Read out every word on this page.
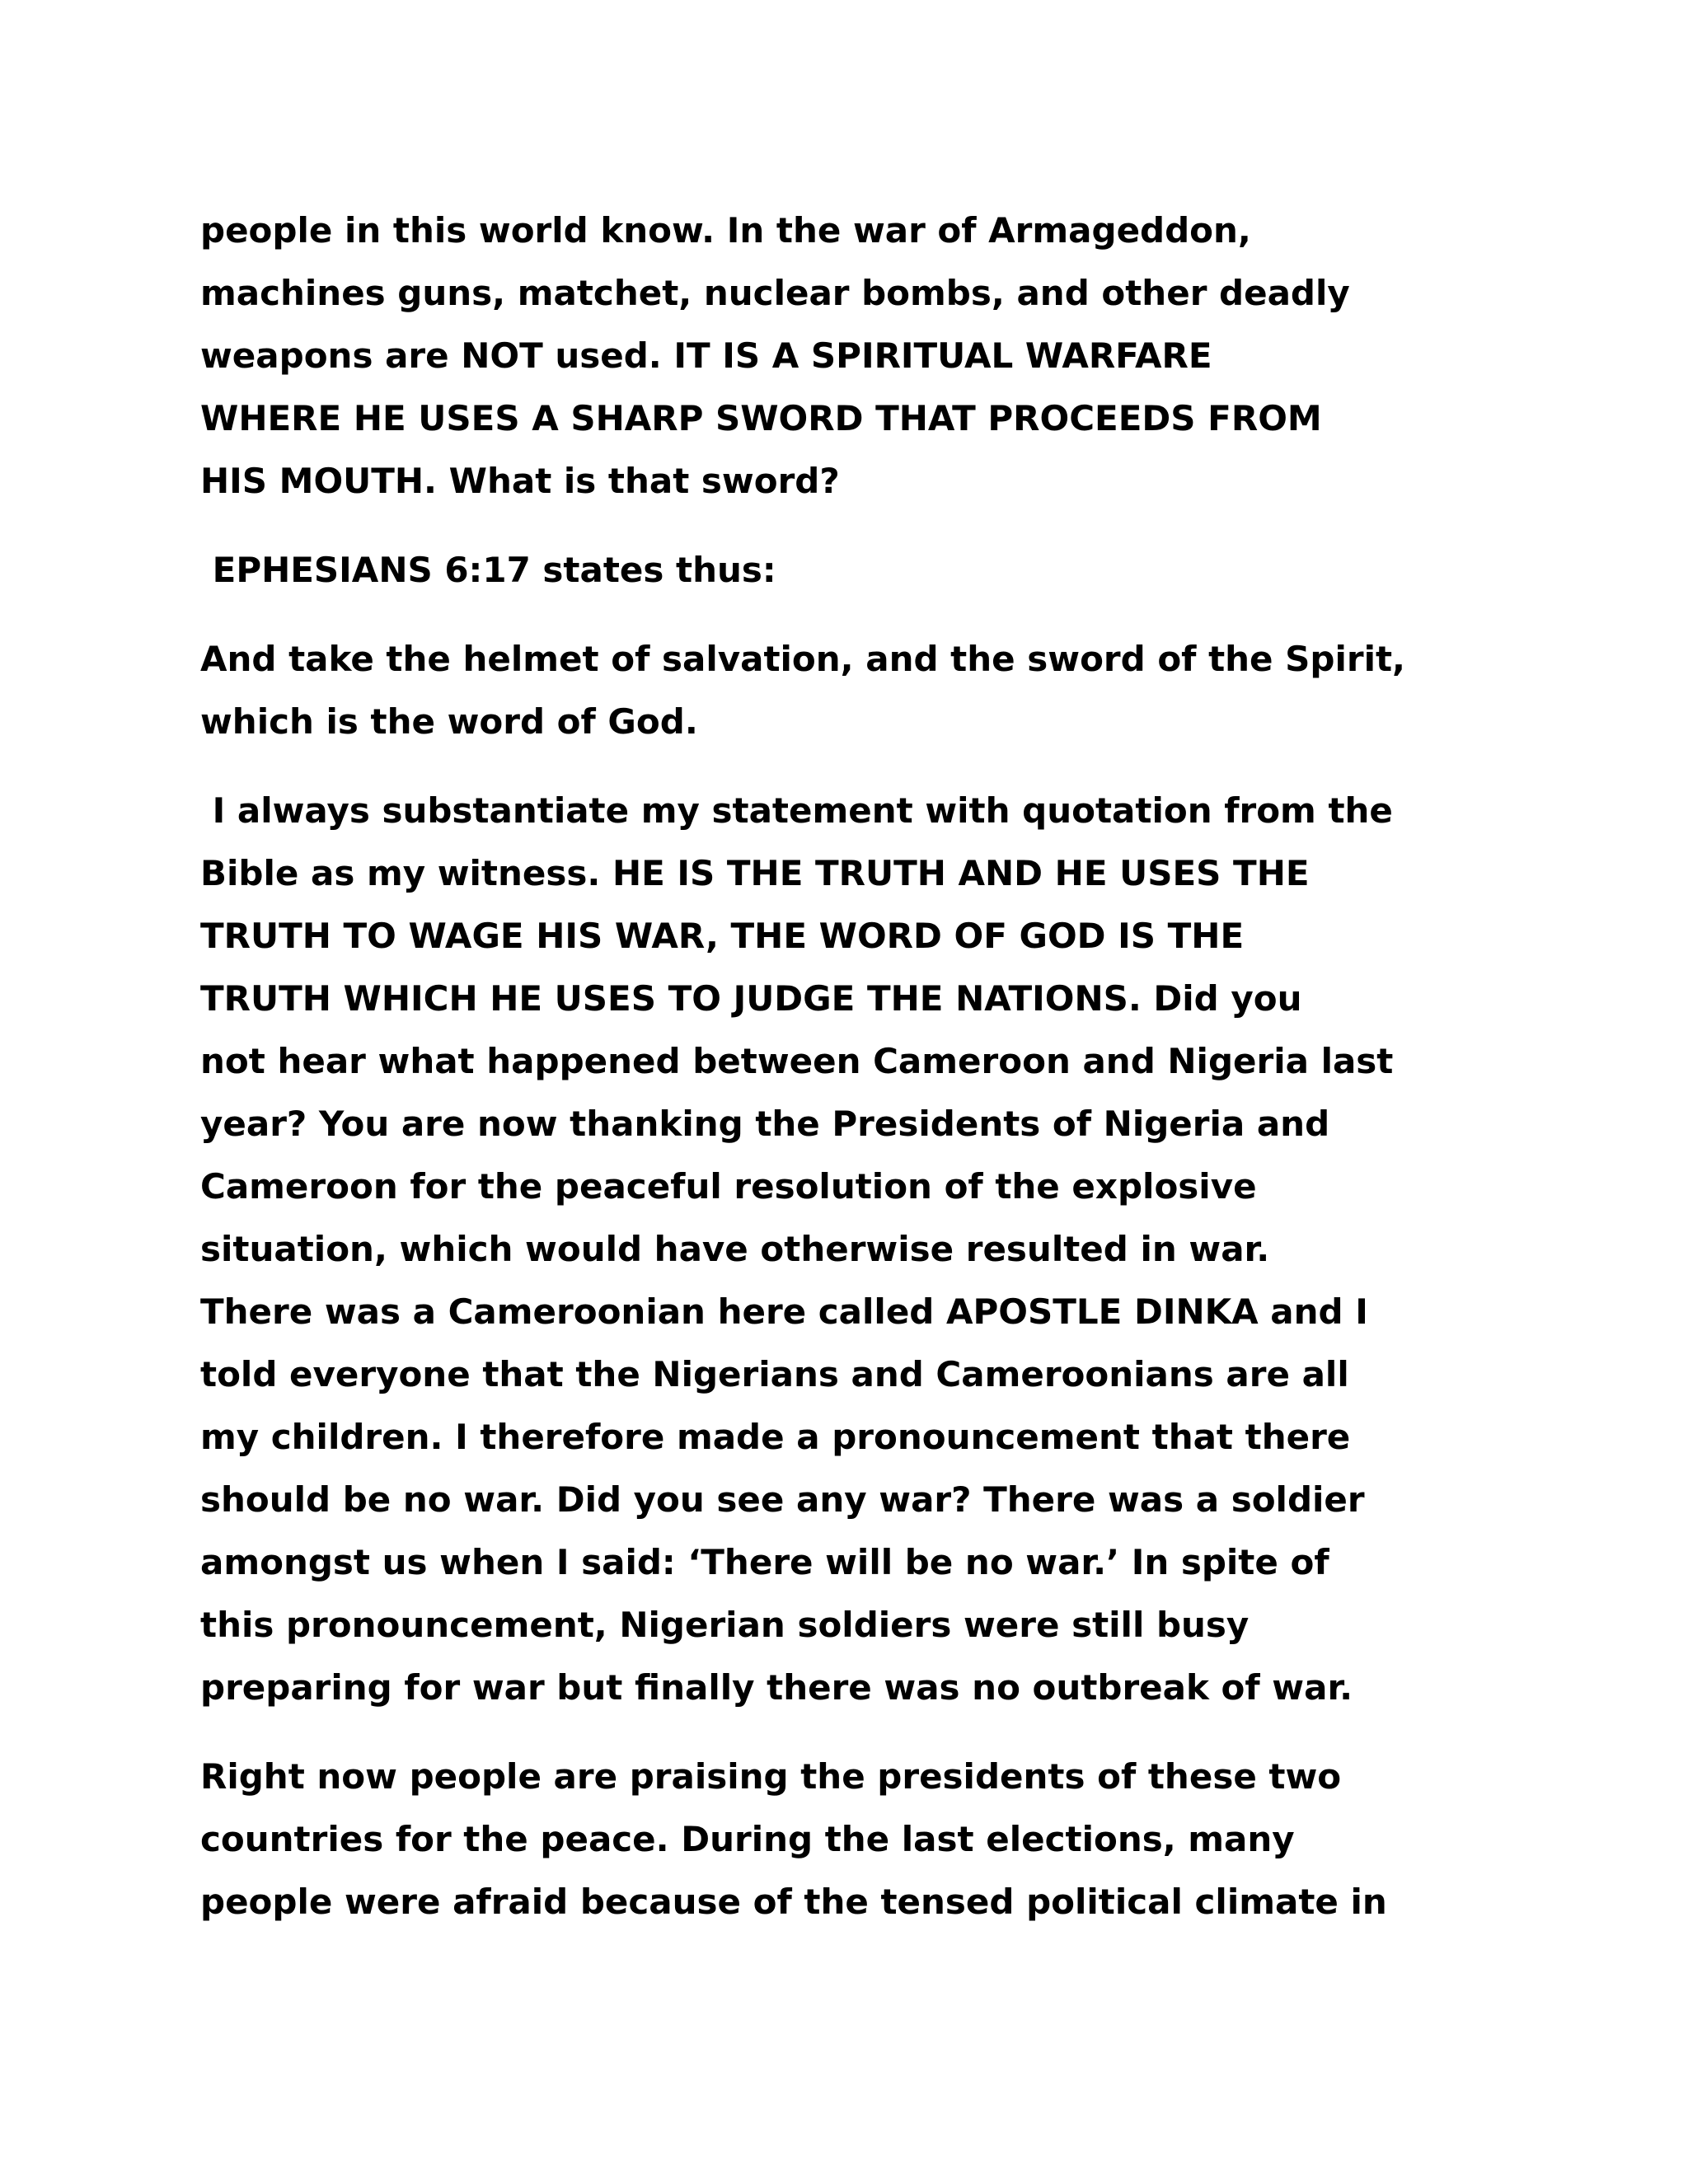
people in this world know. In the war of Armageddon,
machines guns, matchet, nuclear bombs, and other deadly
weapons are NOT used. IT IS A SPIRITUAL WARFARE
WHERE HE USES A SHARP SWORD THAT PROCEEDS FROM
HIS MOUTH. What is that sword?
EPHESIANS 6:17 states thus:
And take the helmet of salvation, and the sword of the Spirit,
which is the word of God.
I always substantiate my statement with quotation from the
Bible as my witness. HE IS THE TRUTH AND HE USES THE
TRUTH TO WAGE HIS WAR, THE WORD OF GOD IS THE
TRUTH WHICH HE USES TO JUDGE THE NATIONS. Did you
not hear what happened between Cameroon and Nigeria last
year? You are now thanking the Presidents of Nigeria and
Cameroon for the peaceful resolution of the explosive
situation, which would have otherwise resulted in war.
There was a Cameroonian here called APOSTLE DINKA and I
told everyone that the Nigerians and Cameroonians are all
my children. I therefore made a pronouncement that there
should be no war. Did you see any war? There was a soldier
amongst us when I said: ‘There will be no war.’ In spite of
this pronouncement, Nigerian soldiers were still busy
preparing for war but finally there was no outbreak of war.
Right now people are praising the presidents of these two
countries for the peace. During the last elections, many
people were afraid because of the tensed political climate in
